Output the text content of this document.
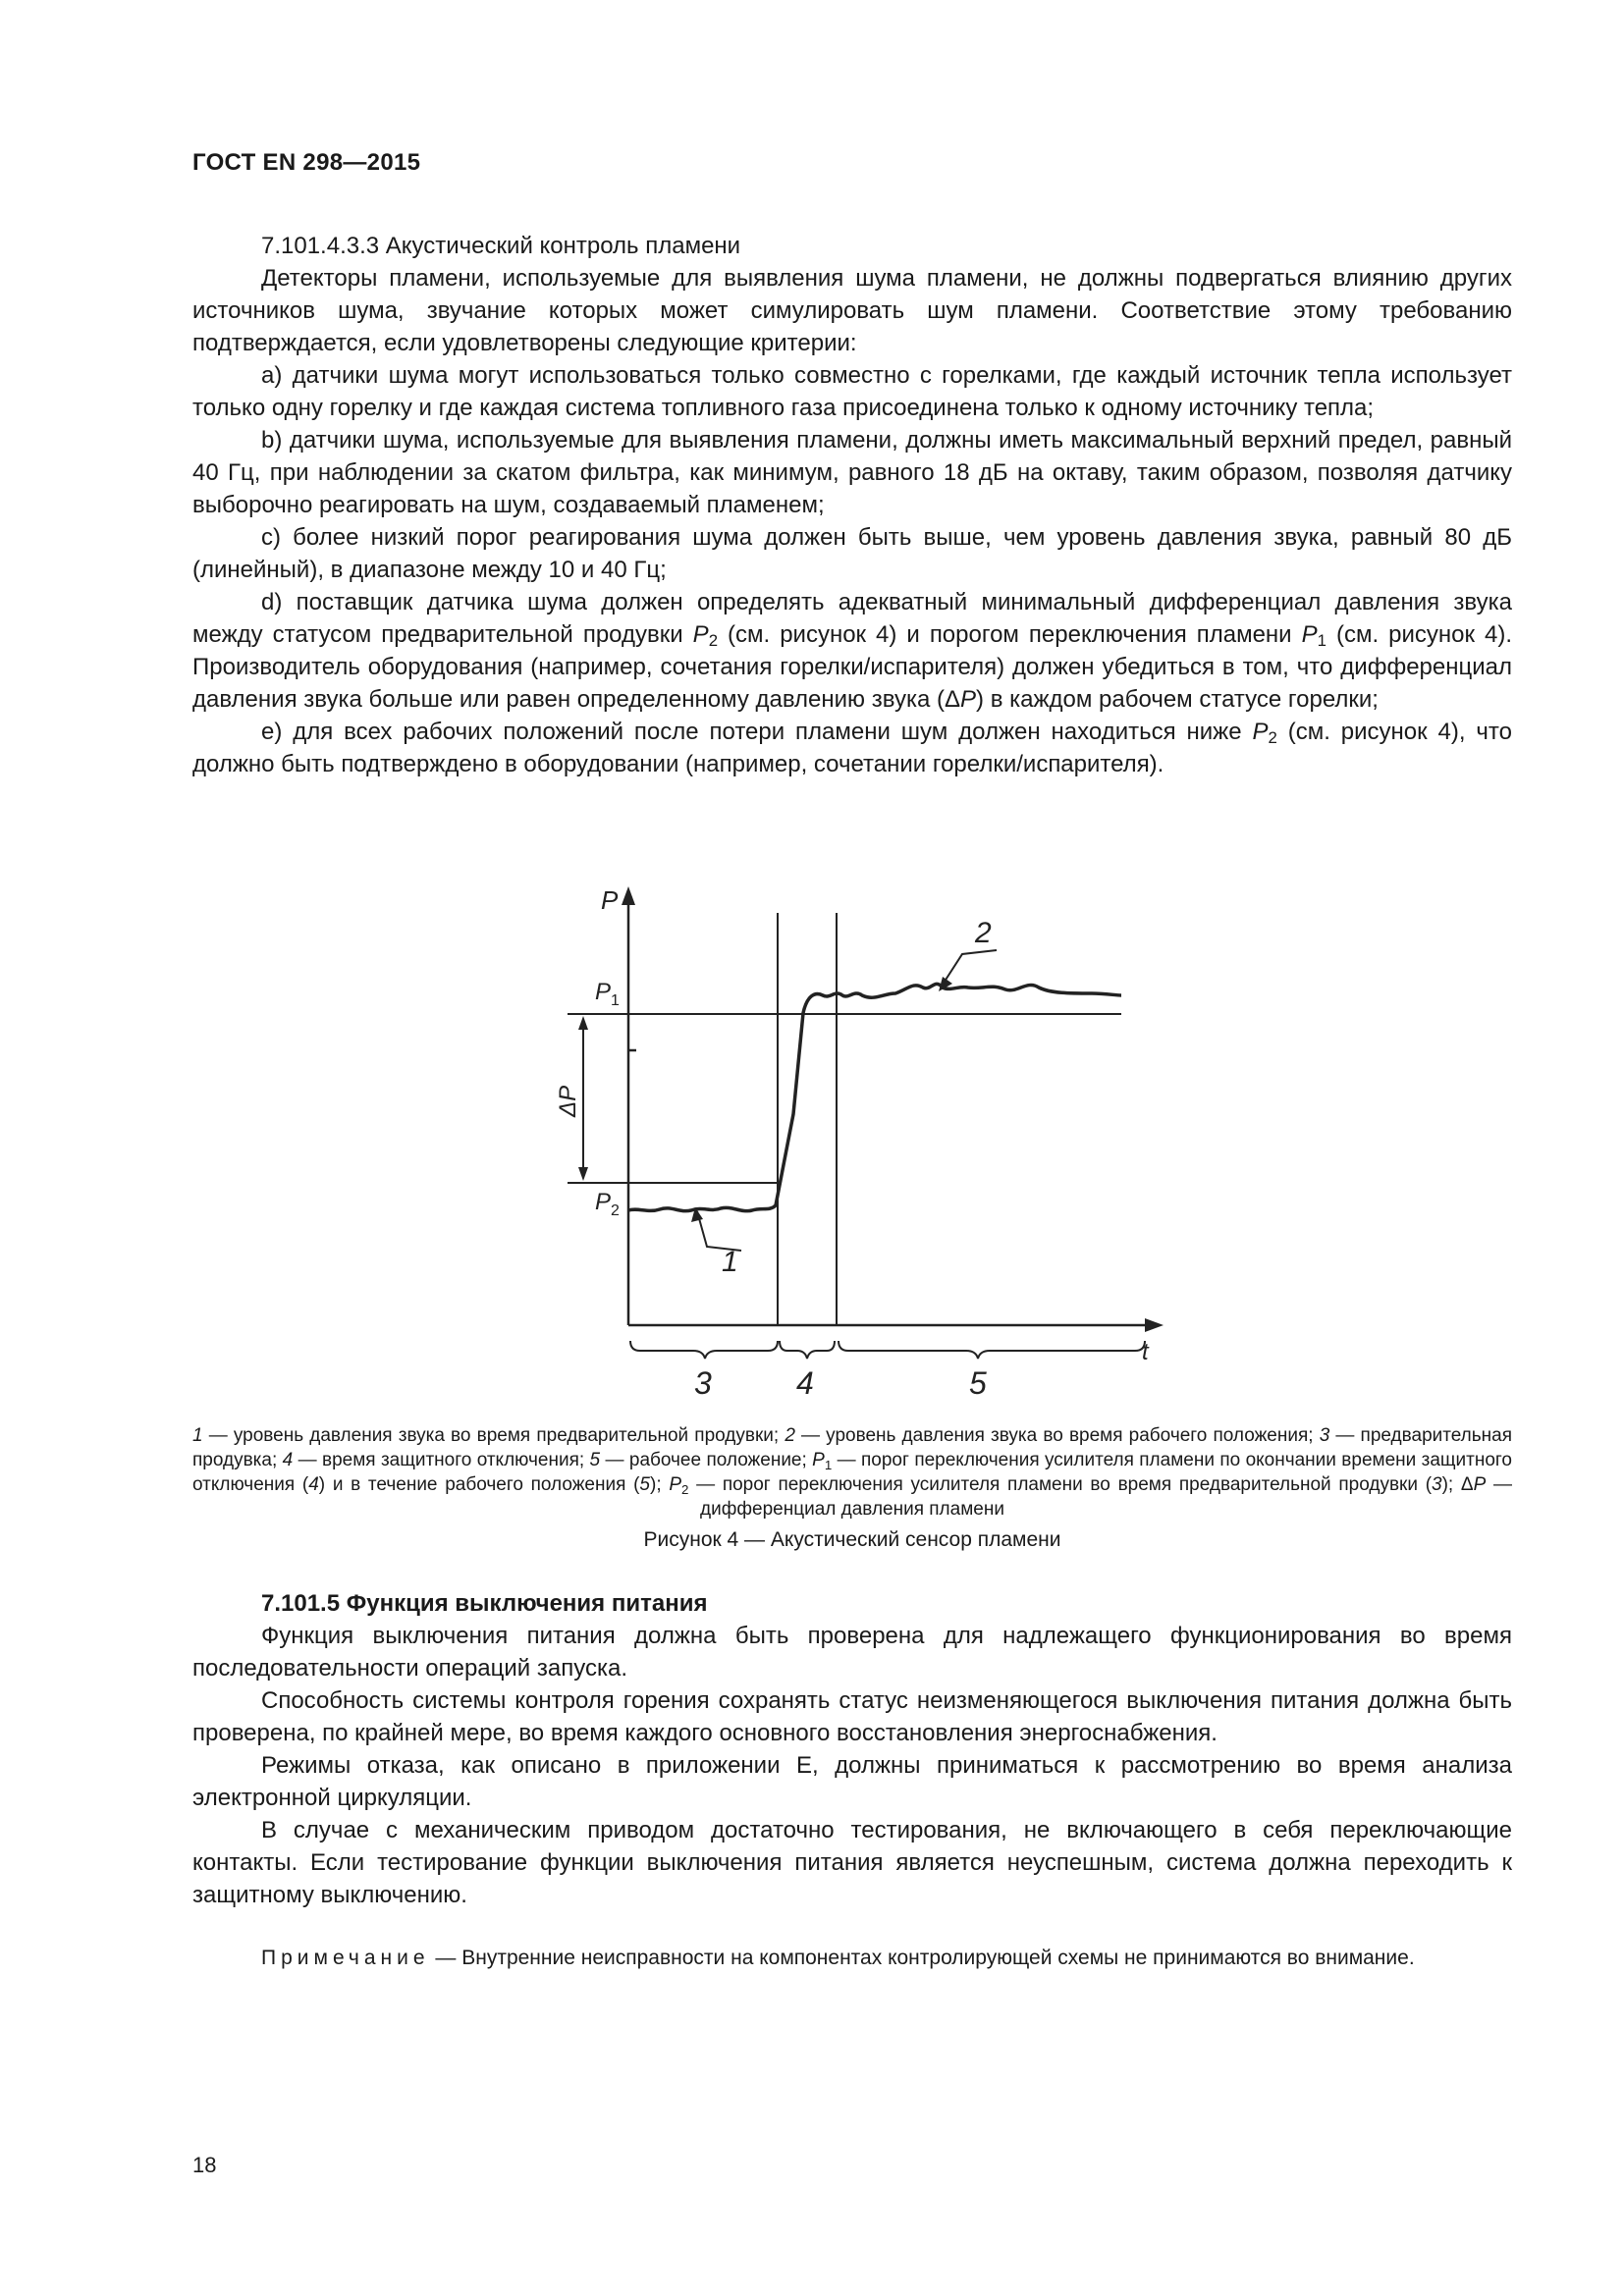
ГОСТ EN 298—2015

7.101.4.3.3 Акустический контроль пламени

Детекторы пламени, используемые для выявления шума пламени, не должны подвергаться влиянию других источников шума, звучание которых может симулировать шум пламени. Соответствие этому требованию подтверждается, если удовлетворены следующие критерии:

a) датчики шума могут использоваться только совместно с горелками, где каждый источник тепла использует только одну горелку и где каждая система топливного газа присоединена только к одному источнику тепла;

b) датчики шума, используемые для выявления пламени, должны иметь максимальный верхний предел, равный 40 Гц, при наблюдении за скатом фильтра, как минимум, равного 18 дБ на октаву, таким образом, позволяя датчику выборочно реагировать на шум, создаваемый пламенем;

c) более низкий порог реагирования шума должен быть выше, чем уровень давления звука, равный 80 дБ (линейный), в диапазоне между 10 и 40 Гц;

d) поставщик датчика шума должен определять адекватный минимальный дифференциал давления звука между статусом предварительной продувки $P_2$ (см. рисунок 4) и порогом переключения пламени $P_1$ (см. рисунок 4). Производитель оборудования (например, сочетания горелки/испарителя) должен убедиться в том, что дифференциал давления звука больше или равен определенному давлению звука (ΔP) в каждом рабочем статусе горелки;

e) для всех рабочих положений после потери пламени шум должен находиться ниже $P_2$ (см. рисунок 4), что должно быть подтверждено в оборудовании (например, сочетании горелки/испарителя).

P
t
$P_1$
$P_2$
ΔP
1
2
3	4	5
1 — уровень давления звука во время предварительной продувки; 2 — уровень давления звука во время рабочего положения; 3 — предварительная продувка; 4 — время защитного отключения; 5 — рабочее положение; $P_1$ — порог переключения усилителя пламени по окончании времени защитного отключения (4) и в течение рабочего положения (5); $P_2$ — порог переключения усилителя пламени во время предварительной продувки (3); ΔP — дифференциал давления пламени
Рисунок 4 — Акустический сенсор пламени

7.101.5 Функция выключения питания

Функция выключения питания должна быть проверена для надлежащего функционирования во время последовательности операций запуска.

Способность системы контроля горения сохранять статус неизменяющегося выключения питания должна быть проверена, по крайней мере, во время каждого основного восстановления энергоснабжения.

Режимы отказа, как описано в приложении Е, должны приниматься к рассмотрению во время анализа электронной циркуляции.

В случае с механическим приводом достаточно тестирования, не включающего в себя переключающие контакты. Если тестирование функции выключения питания является неуспешным, система должна переходить к защитному выключению.

Примечание — Внутренние неисправности на компонентах контролирующей схемы не принимаются во внимание.
18
